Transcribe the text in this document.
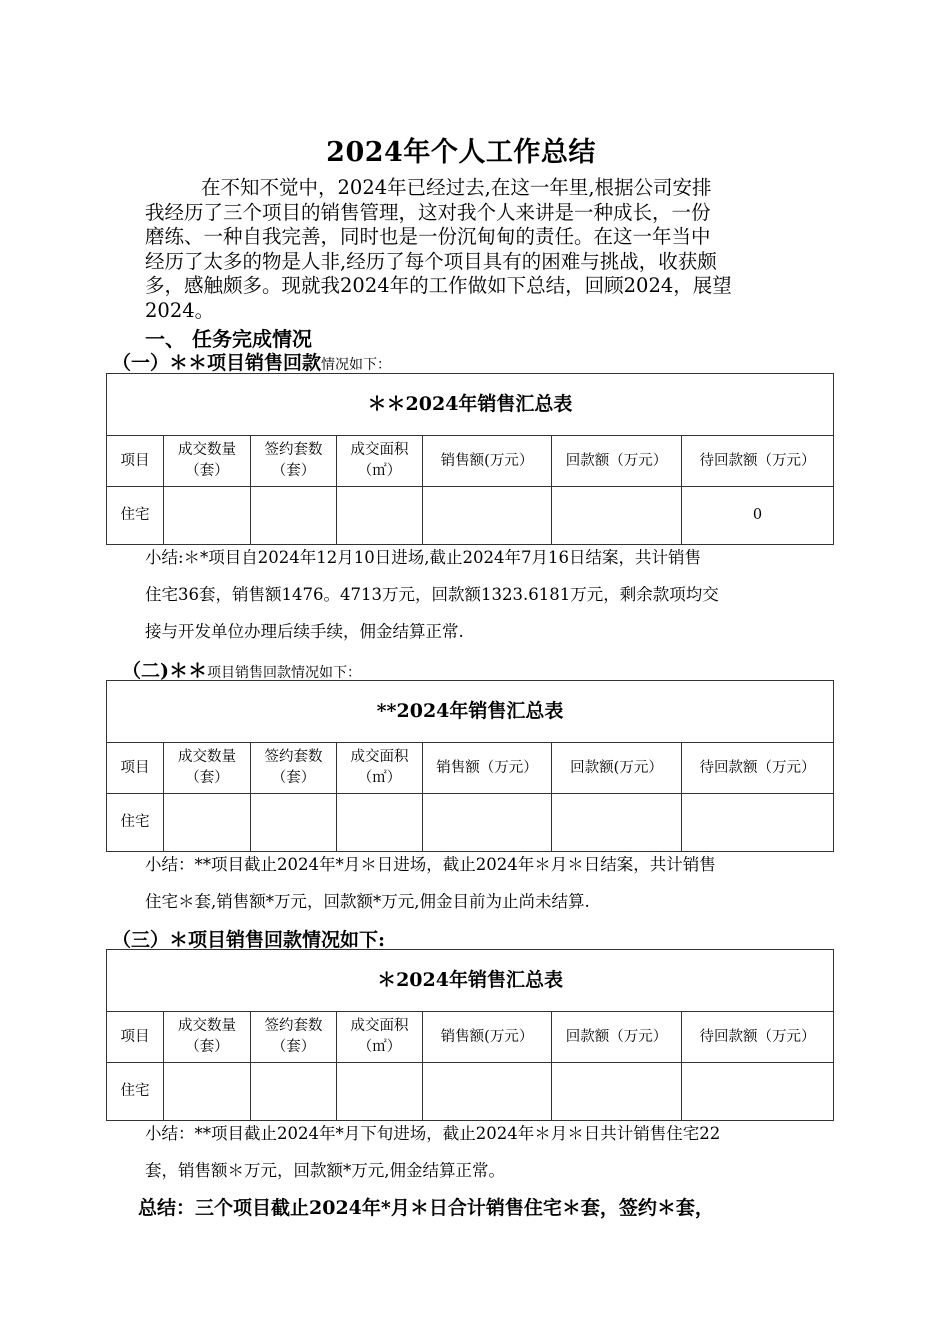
2024年个人工作总结
在不知不觉中，2024年已经过去,在这一年里,根据公司安排
我经历了三个项目的销售管理，这对我个人来讲是一种成长，一份
磨练、一种自我完善，同时也是一份沉甸甸的责任。在这一年当中
经历了太多的物是人非,经历了每个项目具有的困难与挑战，收获颇
多，感触颇多。现就我2024年的工作做如下总结，回顾2024，展望
2024。
一、 任务完成情况
（一）＊＊项目销售回款情况如下：
＊＊2024年销售汇总表						
项目	成交数量（套）	签约套数（套）	成交面积（㎡）	销售额(万元）	回款额（万元）	待回款额（万元）
住宅						0
小结:＊*项目自2024年12月10日进场,截止2024年7月16日结案，共计销售
住宅36套，销售额1476。4713万元，回款额1323.6181万元，剩余款项均交
接与开发单位办理后续手续，佣金结算正常.
（二)＊＊项目销售回款情况如下：
**2024年销售汇总表						
项目	成交数量（套）	签约套数（套）	成交面积（㎡）	销售额（万元）	回款额(万元）	待回款额（万元）
住宅						
小结：**项目截止2024年*月＊日进场，截止2024年＊月＊日结案，共计销售
住宅＊套,销售额*万元，回款额*万元,佣金目前为止尚未结算.
（三）＊项目销售回款情况如下:
＊2024年销售汇总表						
项目	成交数量（套）	签约套数（套）	成交面积（㎡）	销售额(万元）	回款额（万元）	待回款额（万元）
住宅						
小结：**项目截止2024年*月下旬进场，截止2024年＊月＊日共计销售住宅22
套，销售额＊万元，回款额*万元,佣金结算正常。
总结：三个项目截止2024年*月＊日合计销售住宅＊套，签约＊套，
